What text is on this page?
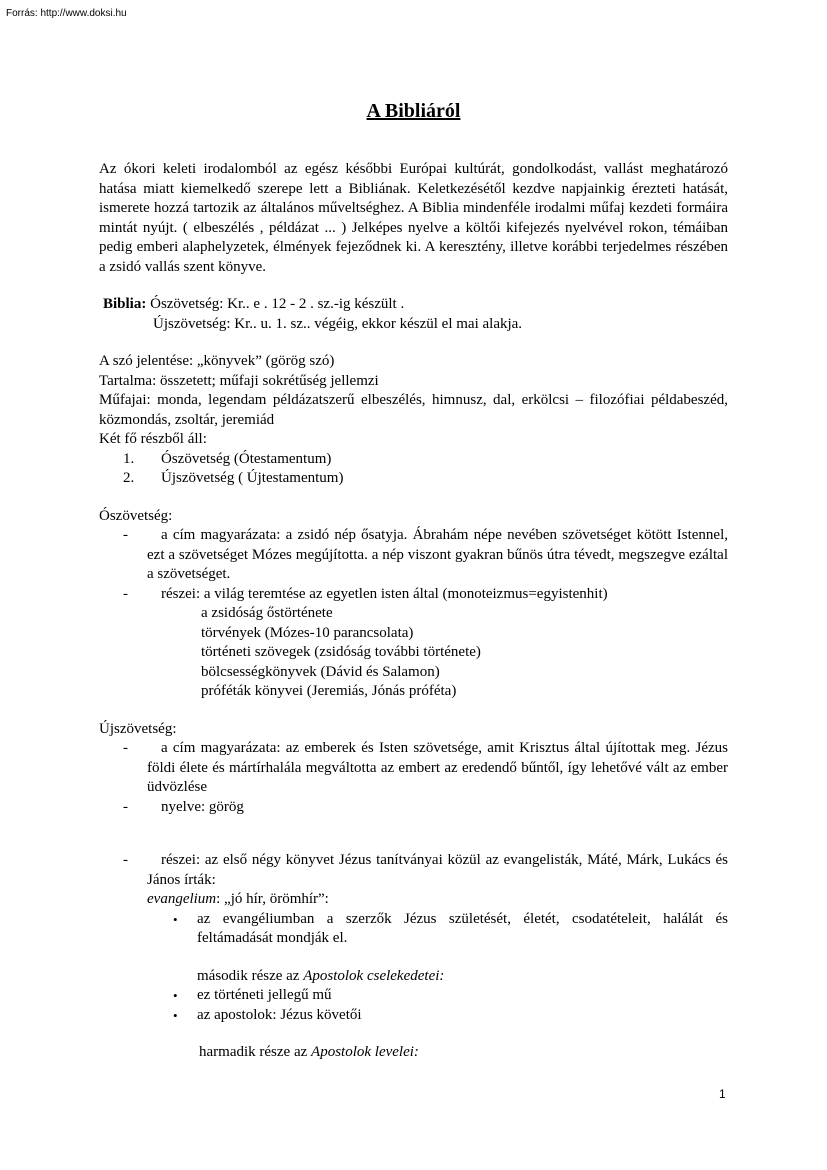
Forrás: http://www.doksi.hu
A Bibliáról

Az ókori keleti irodalomból az egész későbbi Európai kultúrát, gondolkodást, vallást meghatározó hatása miatt kiemelkedő szerepe lett a Bibliának. Keletkezésétől kezdve napjainkig érezteti hatását, ismerete hozzá tartozik az általános műveltséghez. A Biblia mindenféle irodalmi műfaj kezdeti formáira mintát nyújt. ( elbeszélés , példázat ... ) Jelképes nyelve a költői kifejezés nyelvével rokon, témáiban pedig emberi alaphelyzetek, élmények fejeződnek ki. A keresztény, illetve korábbi terjedelmes részében a zsidó vallás szent könyve.

Biblia: Ószövetség: Kr.. e . 12 - 2 . sz.-ig készült .
Újszövetség: Kr.. u. 1. sz.. végéig, ekkor készül el mai alakja.
A szó jelentése: „könyvek” (görög szó)
Tartalma: összetett; műfaji sokrétűség jellemzi
Műfajai: monda, legendam példázatszerű elbeszélés, himnusz, dal, erkölcsi – filozófiai példabeszéd, közmondás, zsoltár, jeremiád
Két fő részből áll:
1. Ószövetség (Ótestamentum)
2. Újszövetség ( Újtestamentum)
Ószövetség:
-	a cím magyarázata: a zsidó nép ősatyja. Ábrahám népe nevében szövetséget kötött Istennel, ezt a szövetséget Mózes megújította. a nép viszont gyakran bűnös útra tévedt, megszegve ezáltal a szövetséget.

-	részei: a világ teremtése az egyetlen isten által (monoteizmus=egyistenhit)

a zsidóság őstörténete
törvények (Mózes-10 parancsolata)
történeti szövegek (zsidóság további története)
bölcsességkönyvek (Dávid és Salamon)
próféták könyvei (Jeremiás, Jónás próféta)
Újszövetség:
-	a cím magyarázata: az emberek és Isten szövetsége, amit Krisztus által újítottak meg. Jézus földi élete és mártírhalála megváltotta az embert az eredendő bűntől, így lehetővé vált az ember üdvözlése

-	nyelve: görög

-	részei: az első négy könyvet Jézus tanítványai közül az evangelisták, Máté, Márk, Lukács és János írták:

evangelium: „jó hír, örömhír”:
• az evangéliumban a szerzők Jézus születését, életét, csodatételeit, halálát és feltámadását mondják el.

második része az Apostolok cselekedetei:
• ez történeti jellegű mű

• az apostolok: Jézus követői

harmadik része az Apostolok levelei:
1
